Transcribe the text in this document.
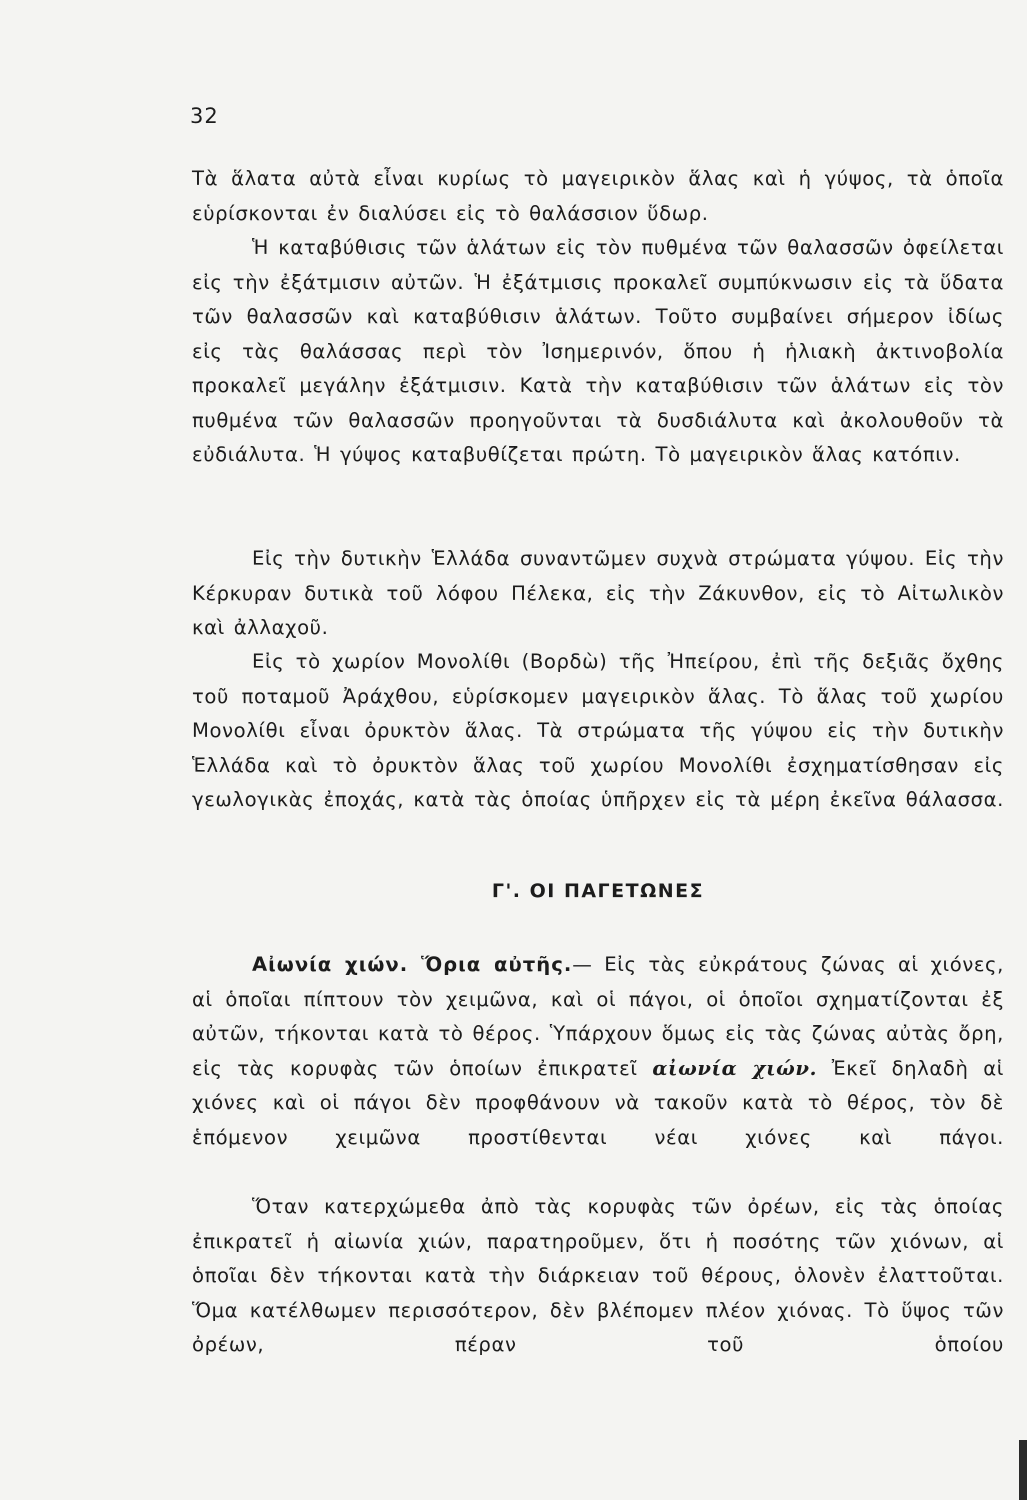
32

Τὰ ἅλατα αὐτὰ εἶναι κυρίως τὸ μαγειρικὸν ἅλας καὶ ἡ γύψος, τὰ ὁποῖα εὑρίσκονται ἐν διαλύσει εἰς τὸ θαλάσσιον ὕδωρ.

Ἡ καταβύθισις τῶν ἁλάτων εἰς τὸν πυθμένα τῶν θαλασσῶν ὀφείλεται εἰς τὴν ἐξάτμισιν αὐτῶν. Ἡ ἐξάτμισις προκαλεῖ συμπύκνωσιν εἰς τὰ ὕδατα τῶν θαλασσῶν καὶ καταβύθισιν ἁλάτων. Τοῦτο συμβαίνει σήμερον ἰδίως εἰς τὰς θαλάσσας περὶ τὸν Ἰσημερινόν, ὅπου ἡ ἡλιακὴ ἀκτινοβολία προκαλεῖ μεγάλην ἐξάτμισιν. Κατὰ τὴν καταβύθισιν τῶν ἁλάτων εἰς τὸν πυθμένα τῶν θαλασσῶν προηγοῦνται τὰ δυσδιάλυτα καὶ ἀκολουθοῦν τὰ εὐδιάλυτα. Ἡ γύψος καταβυθίζεται πρώτη. Τὸ μαγειρικὸν ἅλας κατόπιν.

Εἰς τὴν δυτικὴν Ἑλλάδα συναντῶμεν συχνὰ στρώματα γύψου. Εἰς τὴν Κέρκυραν δυτικὰ τοῦ λόφου Πέλεκα, εἰς τὴν Ζάκυνθον, εἰς τὸ Αἰτωλικὸν καὶ ἀλλαχοῦ.

Εἰς τὸ χωρίον Μονολίθι (Βορδὼ) τῆς Ἠπείρου, ἐπὶ τῆς δεξιᾶς ὄχθης τοῦ ποταμοῦ Ἀράχθου, εὑρίσκομεν μαγειρικὸν ἅλας. Τὸ ἅλας τοῦ χωρίου Μονολίθι εἶναι ὀρυκτὸν ἅλας. Τὰ στρώματα τῆς γύψου εἰς τὴν δυτικὴν Ἑλλάδα καὶ τὸ ὀρυκτὸν ἅλας τοῦ χωρίου Μονολίθι ἐσχηματίσθησαν εἰς γεωλογικὰς ἐποχάς, κατὰ τὰς ὁποίας ὑπῆρχεν εἰς τὰ μέρη ἐκεῖνα θάλασσα.

Γ'. ΟΙ ΠΑΓΕΤΩΝΕΣ

Αἰωνία χιών. Ὅρια αὐτῆς.— Εἰς τὰς εὐκράτους ζώνας αἱ χιόνες, αἱ ὁποῖαι πίπτουν τὸν χειμῶνα, καὶ οἱ πάγοι, οἱ ὁποῖοι σχηματίζονται ἐξ αὐτῶν, τήκονται κατὰ τὸ θέρος. Ὑπάρχουν ὅμως εἰς τὰς ζώνας αὐτὰς ὄρη, εἰς τὰς κορυφὰς τῶν ὁποίων ἐπικρατεῖ αἰωνία χιών. Ἐκεῖ δηλαδὴ αἱ χιόνες καὶ οἱ πάγοι δὲν προφθάνουν νὰ τακοῦν κατὰ τὸ θέρος, τὸν δὲ ἑπόμενον χειμῶνα προστίθενται νέαι χιόνες καὶ πάγοι.

Ὅταν κατερχώμεθα ἀπὸ τὰς κορυφὰς τῶν ὀρέων, εἰς τὰς ὁποίας ἐπικρατεῖ ἡ αἰωνία χιών, παρατηροῦμεν, ὅτι ἡ ποσότης τῶν χιόνων, αἱ ὁποῖαι δὲν τήκονται κατὰ τὴν διάρκειαν τοῦ θέρους, ὁλονὲν ἐλαττοῦται. Ὅμα κατέλθωμεν περισσότερον, δὲν βλέπομεν πλέον χιόνας. Τὸ ὕψος τῶν ὀρέων, πέραν τοῦ ὁποίου
